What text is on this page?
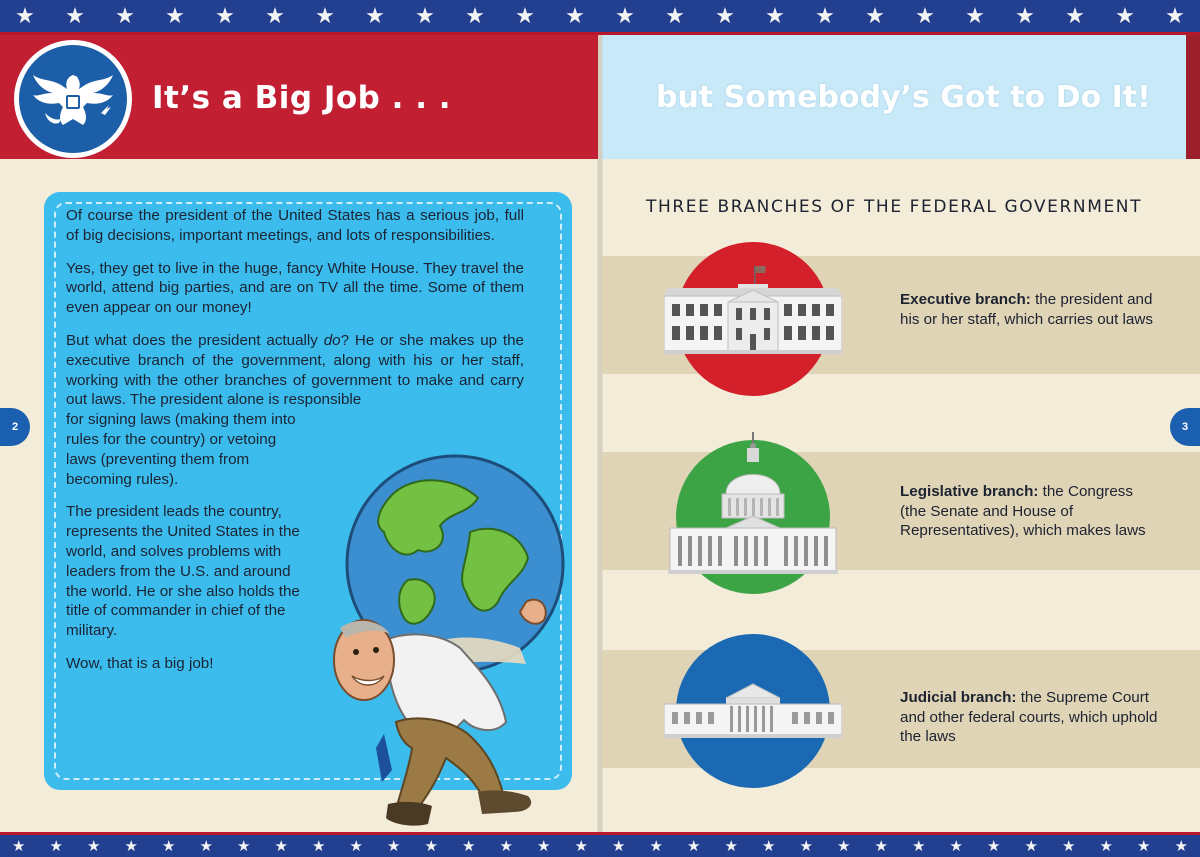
★ ★ ★ ★ ★ ★ ★ ★ ★ ★ ★ ★ ★ ★ ★ ★ ★ ★ ★ ★ ★ ★ ★ ★
It’s a Big Job . . .	but Somebody’s Got to Do It!

Of course the president of the United States has a serious job, full of big decisions, important meetings, and lots of responsibilities.

Yes, they get to live in the huge, fancy White House. They travel the world, attend big parties, and are on TV all the time. Some of them even appear on our money!

But what does the president actually do? He or she makes up the executive branch of the government, along with his or her staff, working with the other branches of government to make and carry out laws. The president alone is responsible

for signing laws (making them into rules for the country) or vetoing laws (preventing them from becoming rules).

The president leads the country, represents the United States in the world, and solves problems with leaders from the U.S. and around the world. He or she also holds the title of commander in chief of the military.

Wow, that is a big job!

2	3
THREE BRANCHES OF THE FEDERAL GOVERNMENT
Executive branch: the president and his or her staff, which carries out laws
Legislative branch: the Congress (the Senate and House of Representatives), which makes laws
Judicial branch: the Supreme Court and other federal courts, which uphold the laws
★ ★ ★ ★ ★ ★ ★ ★ ★ ★ ★ ★ ★ ★ ★ ★ ★ ★ ★ ★ ★ ★ ★ ★ ★ ★ ★ ★ ★ ★ ★ ★
